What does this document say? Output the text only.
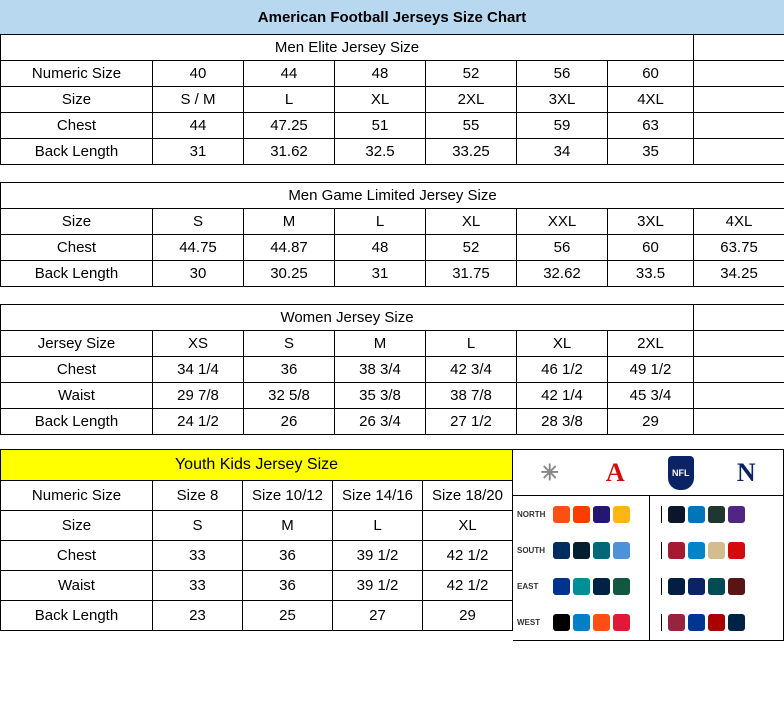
American Football Jerseys Size Chart
Men Elite Jersey Size							
Numeric Size	40	44	48	52	56	60	
Size	S / M	L	XL	2XL	3XL	4XL	
Chest	44	47.25	51	55	59	63	
Back Length	31	31.62	32.5	33.25	34	35	
Men Game Limited Jersey Size							
Size	S	M	L	XL	XXL	3XL	4XL
Chest	44.75	44.87	48	52	56	60	63.75
Back Length	30	30.25	31	31.75	32.62	33.5	34.25
Women Jersey Size							
Jersey Size	XS	S	M	L	XL	2XL	
Chest	34 1/4	36	38 3/4	42 3/4	46 1/2	49 1/2	
Waist	29 7/8	32 5/8	35 3/8	38 7/8	42 1/4	45 3/4	
Back Length	24 1/2	26	26 3/4	27 1/2	28 3/8	29	
Youth Kids Jersey Size				
Numeric Size	Size 8	Size 10/12	Size 14/16	Size 18/20
Size	S	M	L	XL
Chest	33	36	39 1/2	42 1/2
Waist	33	36	39 1/2	42 1/2
Back Length	23	25	27	29
✳	A	NFL	N
NORTH
SOUTH
EAST
WEST
